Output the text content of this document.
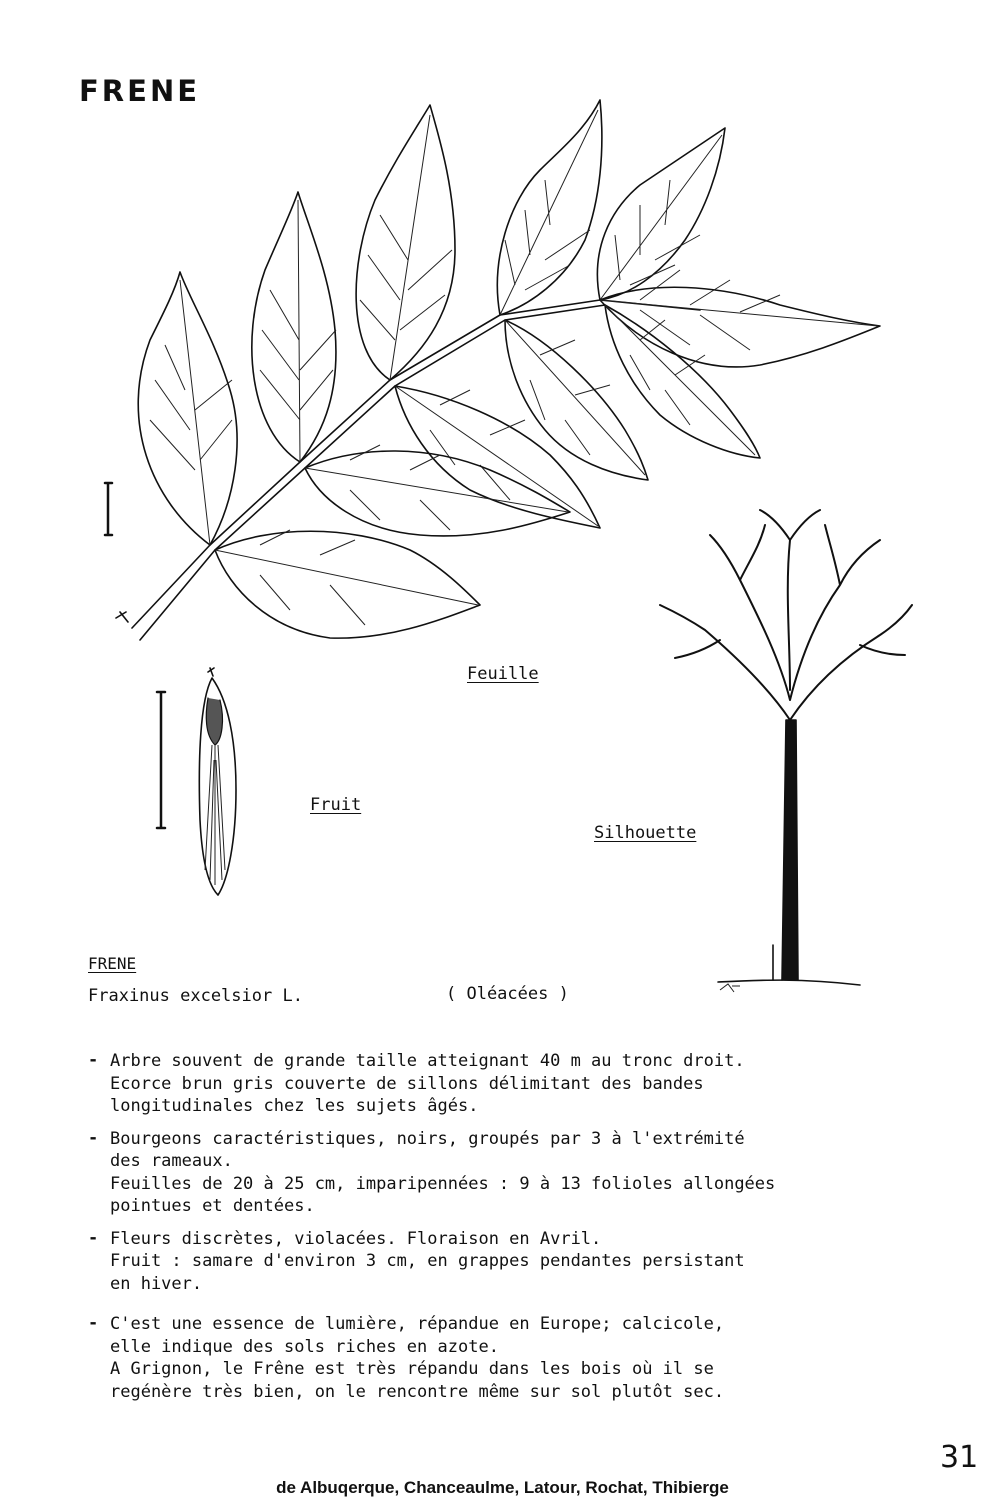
FRENE
Feuille
Fruit
Silhouette
FRENE
Fraxinus excelsior L.	( Oléacées )
- Arbre souvent de grande taille atteignant 40 m au tronc droit.
Ecorce brun gris couverte de sillons délimitant des bandes
longitudinales chez les sujets âgés.
- Bourgeons caractéristiques, noirs, groupés par 3 à l'extrémité
des rameaux.
Feuilles de 20 à 25 cm, imparipennées : 9 à 13 folioles allongées
pointues et dentées.
- Fleurs discrètes, violacées. Floraison en Avril.
Fruit : samare d'environ 3 cm, en grappes pendantes persistant
en hiver.
- C'est une essence de lumière, répandue en Europe; calcicole,
elle indique des sols riches en azote.
A Grignon, le Frêne est très répandu dans les bois où il se
regénère très bien, on le rencontre même sur sol plutôt sec.
31
de Albuqerque, Chanceaulme, Latour, Rochat, Thibierge
